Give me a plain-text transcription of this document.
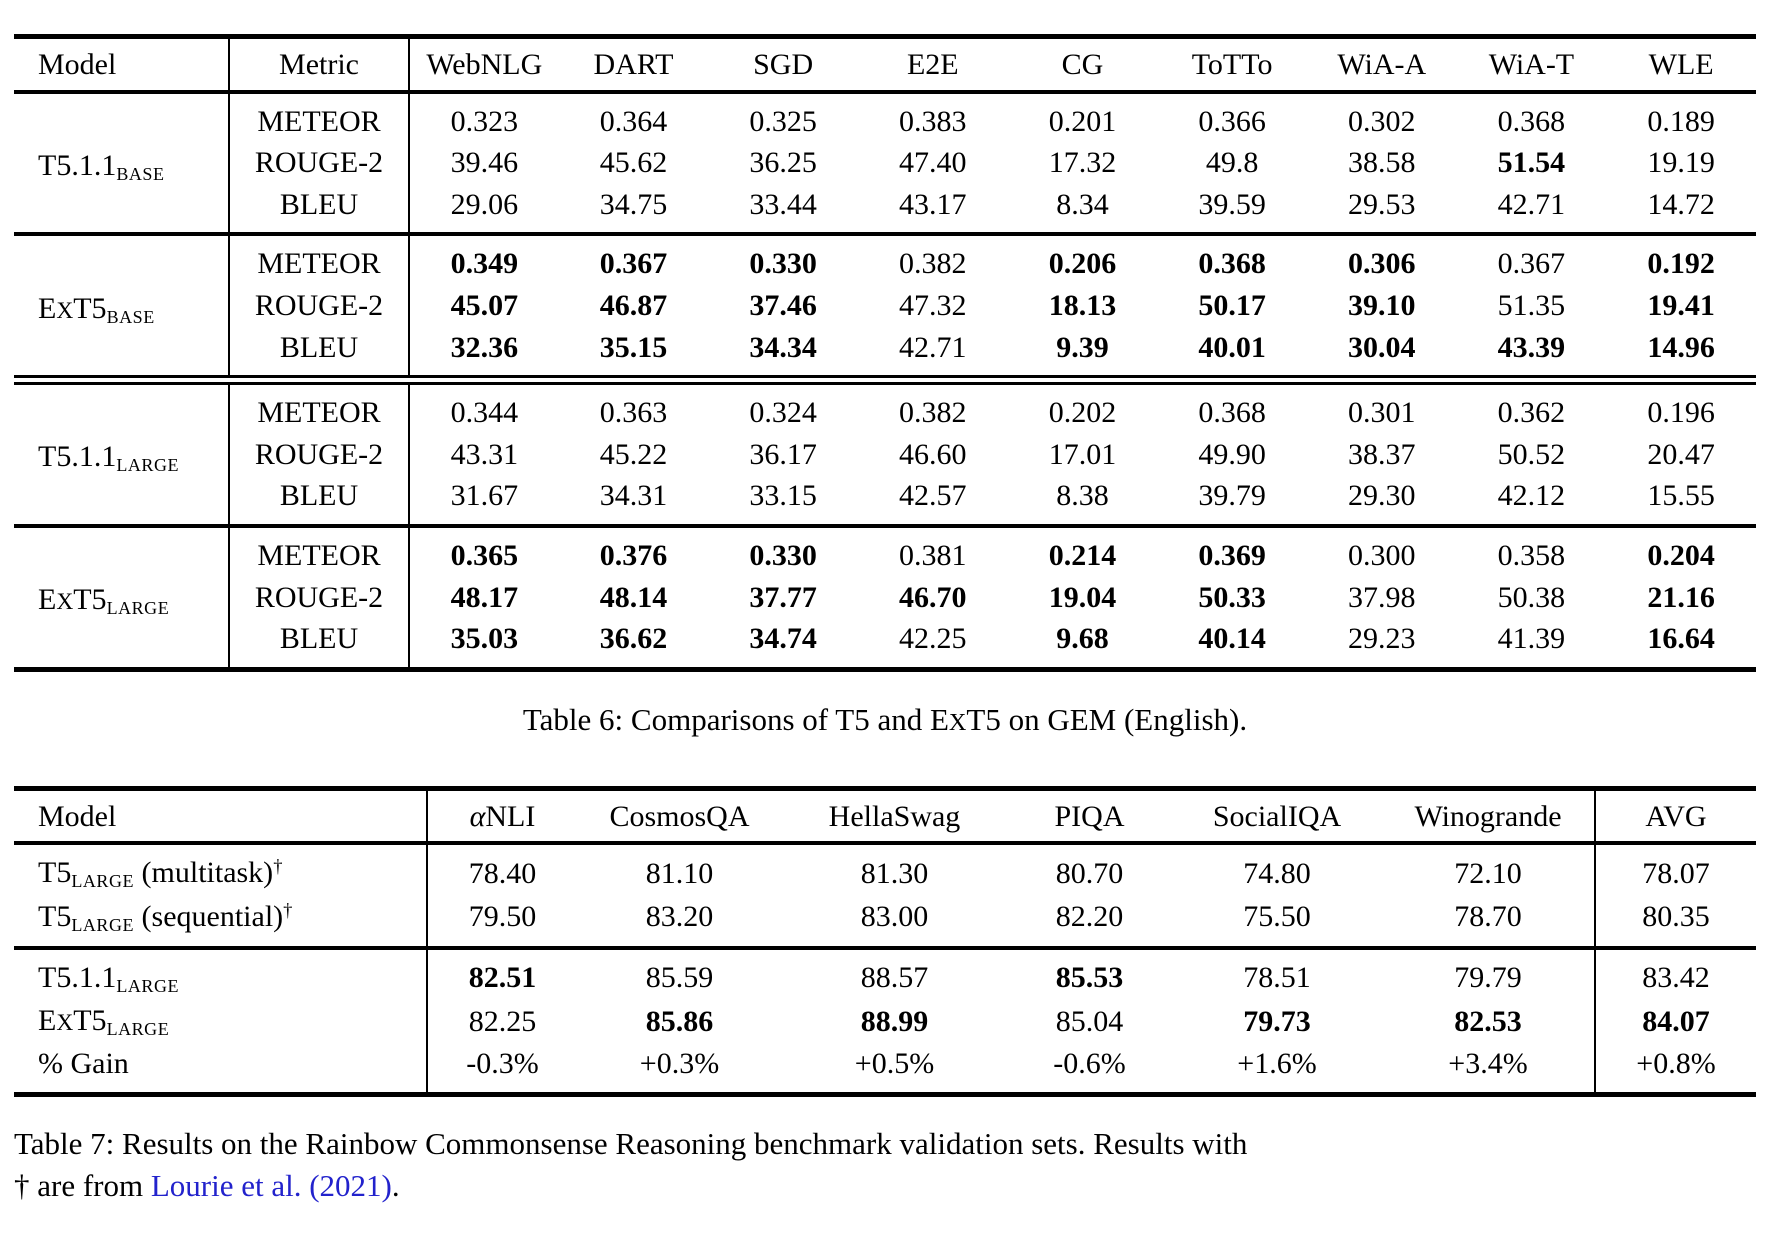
Model	Metric	WebNLG	DART	SGD	E2E	CG	ToTTo	WiA-A	WiA-T	WLE
T5.1.1BASE	METEOR	0.323	0.364	0.325	0.383	0.201	0.366	0.302	0.368	0.189
	ROUGE-2	39.46	45.62	36.25	47.40	17.32	49.8	38.58	51.54	19.19
	BLEU	29.06	34.75	33.44	43.17	8.34	39.59	29.53	42.71	14.72
EXT5BASE	METEOR	0.349	0.367	0.330	0.382	0.206	0.368	0.306	0.367	0.192
	ROUGE-2	45.07	46.87	37.46	47.32	18.13	50.17	39.10	51.35	19.41
	BLEU	32.36	35.15	34.34	42.71	9.39	40.01	30.04	43.39	14.96
T5.1.1LARGE	METEOR	0.344	0.363	0.324	0.382	0.202	0.368	0.301	0.362	0.196
	ROUGE-2	43.31	45.22	36.17	46.60	17.01	49.90	38.37	50.52	20.47
	BLEU	31.67	34.31	33.15	42.57	8.38	39.79	29.30	42.12	15.55
EXT5LARGE	METEOR	0.365	0.376	0.330	0.381	0.214	0.369	0.300	0.358	0.204
	ROUGE-2	48.17	48.14	37.77	46.70	19.04	50.33	37.98	50.38	21.16
	BLEU	35.03	36.62	34.74	42.25	9.68	40.14	29.23	41.39	16.64
Table 6: Comparisons of T5 and EXT5 on GEM (English).
Model	αNLI	CosmosQA	HellaSwag	PIQA	SocialIQA	Winogrande	AVG
T5LARGE (multitask)†	78.40	81.10	81.30	80.70	74.80	72.10	78.07
T5LARGE (sequential)†	79.50	83.20	83.00	82.20	75.50	78.70	80.35
T5.1.1LARGE	82.51	85.59	88.57	85.53	78.51	79.79	83.42
EXT5LARGE	82.25	85.86	88.99	85.04	79.73	82.53	84.07
% Gain	-0.3%	+0.3%	+0.5%	-0.6%	+1.6%	+3.4%	+0.8%
Table 7: Results on the Rainbow Commonsense Reasoning benchmark validation sets. Results with
† are from Lourie et al. (2021).
